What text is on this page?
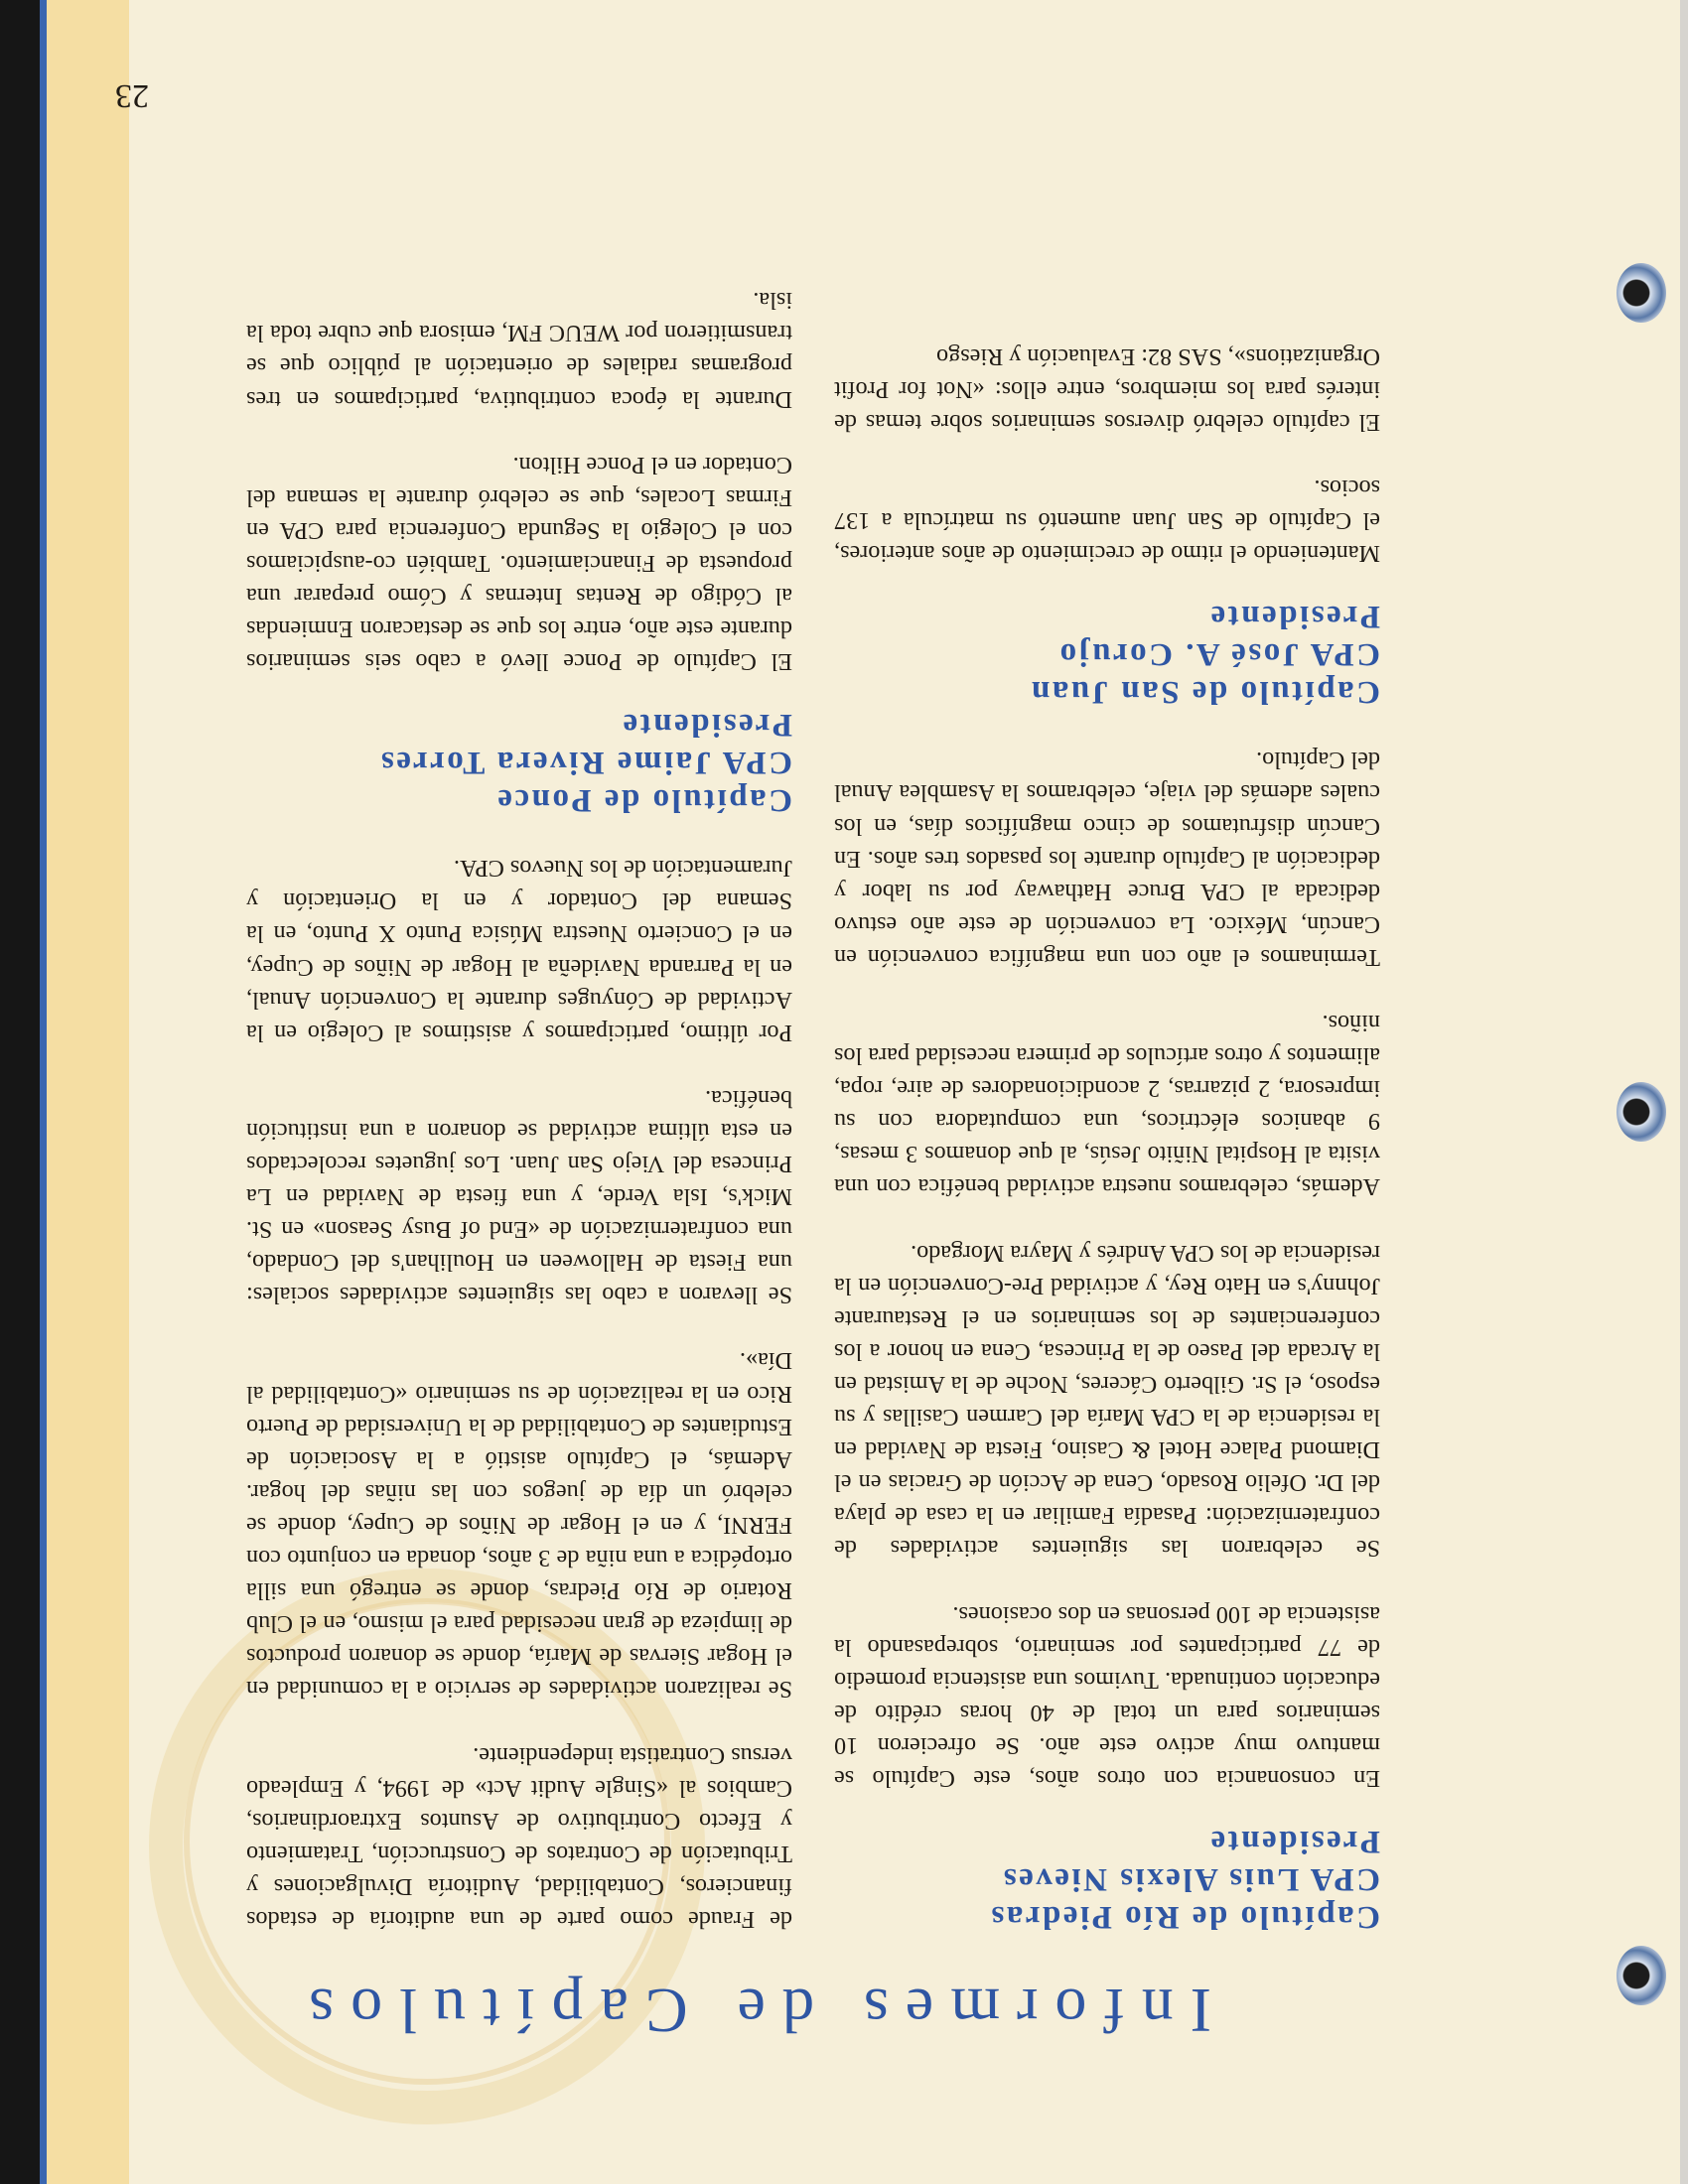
23
Informes de Capítulos
Capítulo de Río Piedras
CPA Luis Alexis Nieves
Presidente

En consonancia con otros años, este Capítulo se mantuvo muy activo este año. Se ofrecieron 10 seminarios para un total de 40 horas crédito de educación continuada. Tuvimos una asistencia promedio de 77 participantes por seminario, sobrepasando la asistencia de 100 personas en dos ocasiones.

Se celebraron las siguientes actividades de confraternización: Pasadía Familiar en la casa de playa del Dr. Ofelio Rosado, Cena de Acción de Gracias en el Diamond Palace Hotel & Casino, Fiesta de Navidad en la residencia de la CPA María del Carmen Casillas y su esposo, el Sr. Gilberto Cáceres, Noche de la Amistad en la Arcada del Paseo de la Princesa, Cena en honor a los conferenciantes de los seminarios en el Restaurante Johnny's en Hato Rey, y actividad Pre-Convención en la residencia de los CPA Andrés y Mayra Morgado.

Además, celebramos nuestra actividad benéfica con una visita al Hospital Niñito Jesús, al que donamos 3 mesas, 9 abanicos eléctricos, una computadora con su impresora, 2 pizarras, 2 acondicionadores de aire, ropa, alimentos y otros artículos de primera necesidad para los niños.

Terminamos el año con una magnífica convención en Cancún, México. La convención de este año estuvo dedicada al CPA Bruce Hathaway por su labor y dedicación al Capítulo durante los pasados tres años. En Cancún disfrutamos de cinco magníficos días, en los cuales además del viaje, celebramos la Asamblea Anual del Capítulo.

Capítulo de San Juan
CPA José A. Corujo
Presidente

Manteniendo el ritmo de crecimiento de años anteriores, el Capítulo de San Juan aumentó su matrícula a 137 socios.

El capítulo celebró diversos seminarios sobre temas de interés para los miembros, entre ellos: «Not for Profit Organizations», SAS 82: Evaluación y Riesgo

de Fraude como parte de una auditoría de estados financieros, Contabilidad, Auditoría Divulgaciones y Tributación de Contratos de Construcción, Tratamiento y Efecto Contributivo de Asuntos Extraordinarios, Cambios al «Single Audit Act» de 1994, y Empleado versus Contratista independiente.

Se realizaron actividades de servicio a la comunidad en el Hogar Siervas de María, donde se donaron productos de limpieza de gran necesidad para el mismo, en el Club Rotario de Río Piedras, donde se entregó una silla ortopédica a una niña de 3 años, donada en conjunto con FERNI, y en el Hogar de Niños de Cupey, donde se celebró un día de juegos con las niñas del hogar. Además, el Capítulo asistió a la Asociación de Estudiantes de Contabilidad de la Universidad de Puerto Rico en la realización de su seminario «Contabilidad al Día».

Se llevaron a cabo las siguientes actividades sociales: una Fiesta de Halloween en Houlihan's del Condado, una confraternización de «End of Busy Season» en St. Mick's, Isla Verde, y una fiesta de Navidad en La Princesa del Viejo San Juan. Los juguetes recolectados en esta última actividad se donaron a una institución benéfica.

Por último, participamos y asistimos al Colegio en la Actividad de Cónyuges durante la Convención Anual, en la Parranda Navideña al Hogar de Niños de Cupey, en el Concierto Nuestra Música Punto X Punto, en la Semana del Contador y en la Orientación y Juramentación de los Nuevos CPA.

Capítulo de Ponce
CPA Jaime Rivera Torres
Presidente

El Capítulo de Ponce llevó a cabo seis seminarios durante este año, entre los que se destacaron Enmiendas al Código de Rentas Internas y Cómo preparar una propuesta de Financiamiento. También co-auspiciamos con el Colegio la Segunda Conferencia para CPA en Firmas Locales, que se celebró durante la semana del Contador en el Ponce Hilton.

Durante la época contributiva, participamos en tres programas radiales de orientación al público que se transmitieron por WEUC FM, emisora que cubre toda la isla.
